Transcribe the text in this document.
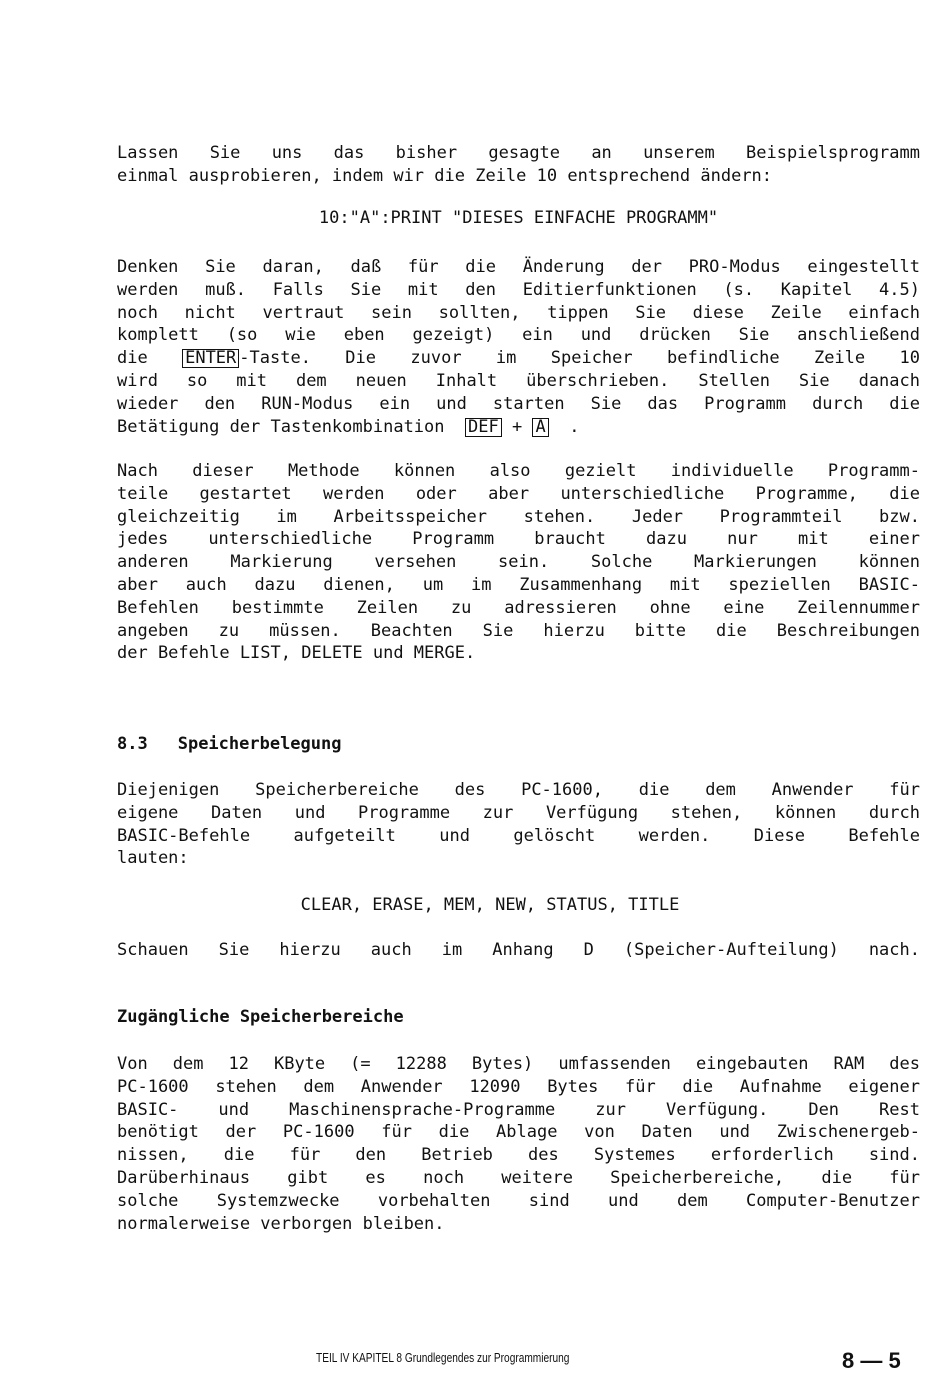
Lassen Sie uns das bisher gesagte an unserem Beispielsprogramm
einmal ausprobieren, indem wir die Zeile 10 entsprechend ändern:
10:"A":PRINT "DIESES EINFACHE PROGRAMM"
Denken Sie daran, daß für die Änderung der PRO-Modus eingestellt
werden muß. Falls Sie mit den Editierfunktionen (s. Kapitel 4.5)
noch nicht vertraut sein sollten, tippen Sie diese Zeile einfach
komplett (so wie eben gezeigt) ein und drücken Sie anschließend
die ENTER -Taste. Die zuvor im Speicher befindliche Zeile 10
wird so mit dem neuen Inhalt überschrieben. Stellen Sie danach
wieder den RUN-Modus ein und starten Sie das Programm durch die
Betätigung der Tastenkombination DEF + A .
Nach dieser Methode können also gezielt individuelle Programm-
teile gestartet werden oder aber unterschiedliche Programme, die
gleichzeitig im Arbeitsspeicher stehen. Jeder Programmteil bzw.
jedes unterschiedliche Programm braucht dazu nur mit einer
anderen Markierung versehen sein. Solche Markierungen können
aber auch dazu dienen, um im Zusammenhang mit speziellen BASIC-
Befehlen bestimmte Zeilen zu adressieren ohne eine Zeilennummer
angeben zu müssen. Beachten Sie hierzu bitte die Beschreibungen
der Befehle LIST, DELETE und MERGE.
8.3 Speicherbelegung
Diejenigen Speicherbereiche des PC-1600, die dem Anwender für
eigene Daten und Programme zur Verfügung stehen, können durch
BASIC-Befehle aufgeteilt und gelöscht werden. Diese Befehle
lauten:
CLEAR, ERASE, MEM, NEW, STATUS, TITLE
Schauen Sie hierzu auch im Anhang D (Speicher-Aufteilung) nach.
Zugängliche Speicherbereiche
Von dem 12 KByte (= 12288 Bytes) umfassenden eingebauten RAM des
PC-1600 stehen dem Anwender 12090 Bytes für die Aufnahme eigener
BASIC- und Maschinensprache-Programme zur Verfügung. Den Rest
benötigt der PC-1600 für die Ablage von Daten und Zwischenergeb-
nissen, die für den Betrieb des Systemes erforderlich sind.
Darüberhinaus gibt es noch weitere Speicherbereiche, die für
solche Systemzwecke vorbehalten sind und dem Computer-Benutzer
normalerweise verborgen bleiben.
TEIL IV KAPITEL 8 Grundlegendes zur Programmierung	8 — 5
